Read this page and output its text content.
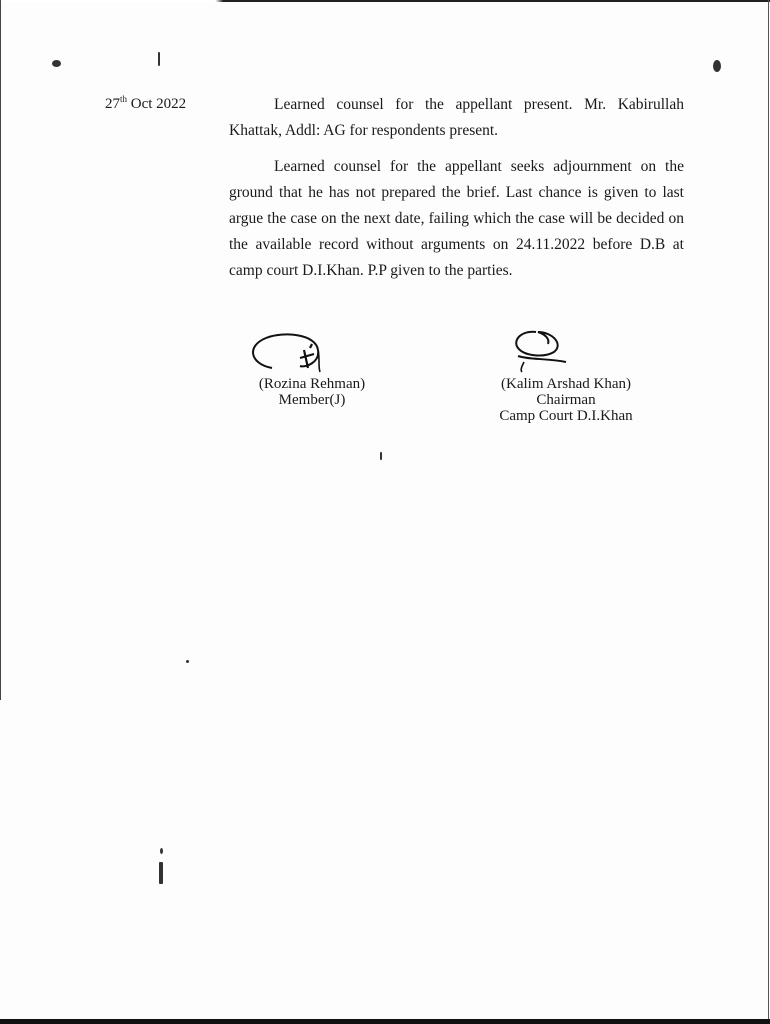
27th Oct 2022	Learned counsel for the appellant present. Mr. Kabirullah Khattak, Addl: AG for respondents present.

Learned counsel for the appellant seeks adjournment on the ground that he has not prepared the brief. Last chance is given to last argue the case on the next date, failing which the case will be decided on the available record without arguments on 24.11.2022 before D.B at camp court D.I.Khan. P.P given to the parties.

(Rozina Rehman)
Member(J)
(Kalim Arshad Khan)
Chairman
Camp Court D.I.Khan
